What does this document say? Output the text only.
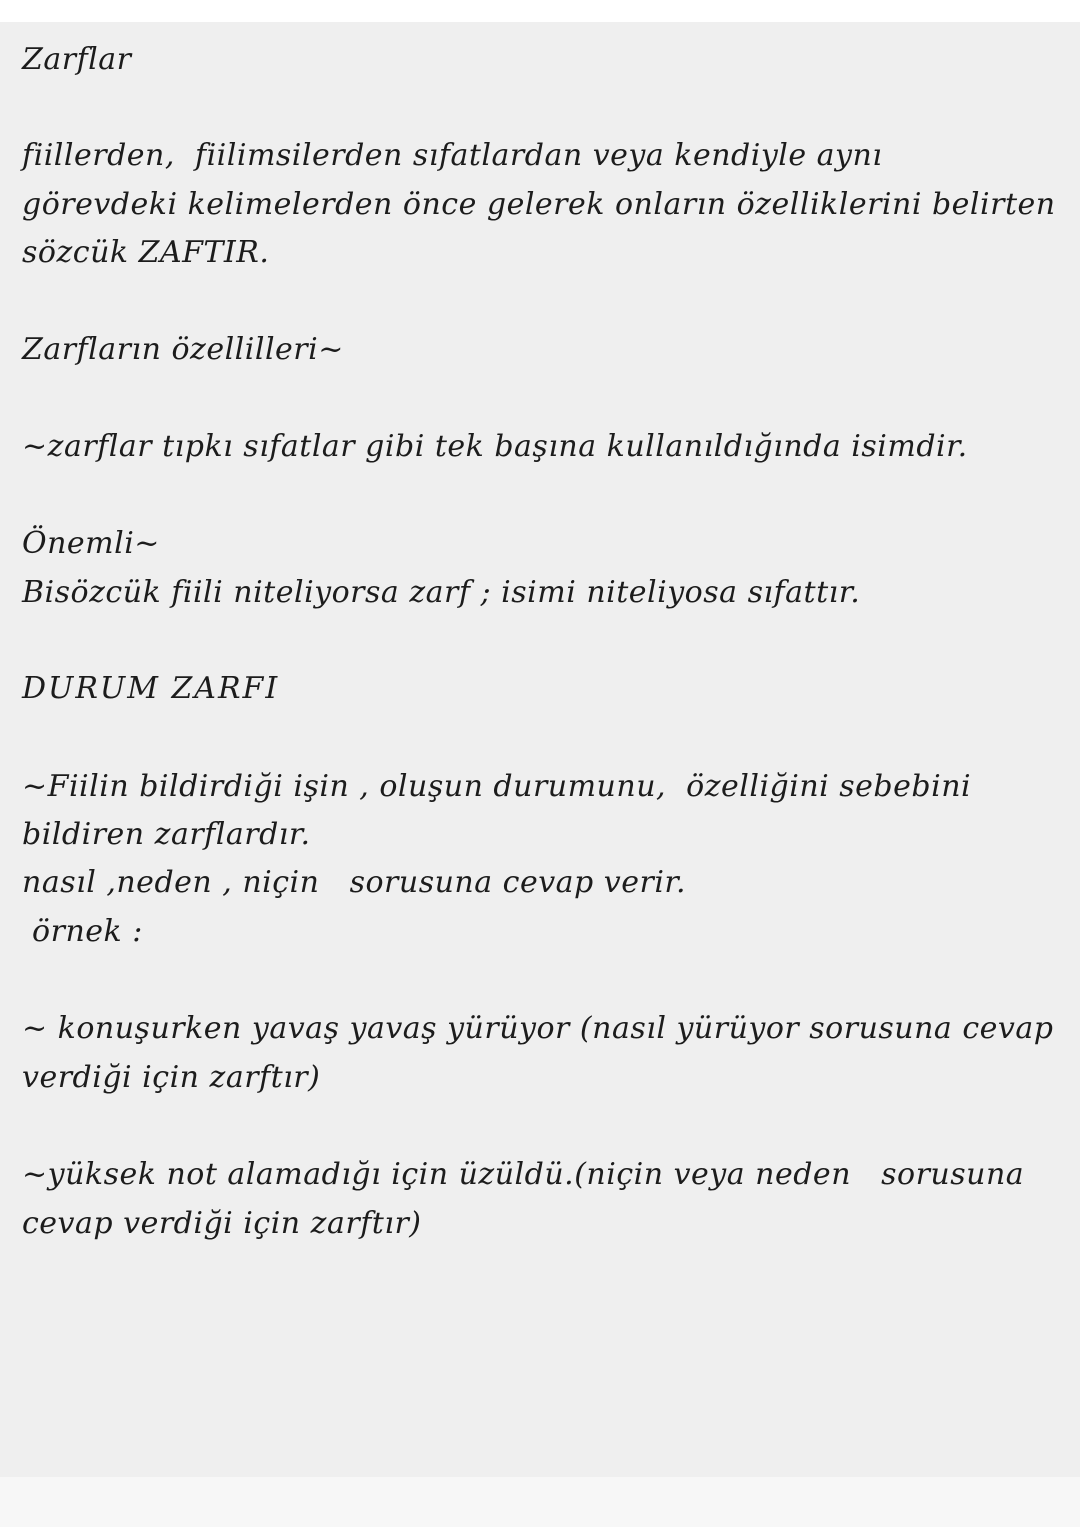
Zarflar

fiillerden,  fiilimsilerden sıfatlardan veya kendiyle aynı

görevdeki kelimelerden önce gelerek onların özelliklerini belirten

sözcük ZAFTIR.

Zarfların özellilleri~

~zarflar tıpkı sıfatlar gibi tek başına kullanıldığında isimdir.

Önemli~

Bisözcük fiili niteliyorsa zarf ; isimi niteliyosa sıfattır.

DURUM ZARFI

~Fiilin bildirdiği işin , oluşun durumunu,  özelliğini sebebini

bildiren zarflardır.

nasıl ,neden , niçin   sorusuna cevap verir.

örnek :

~ konuşurken yavaş yavaş yürüyor (nasıl yürüyor sorusuna cevap

verdiği için zarftır)

~yüksek not alamadığı için üzüldü.(niçin veya neden   sorusuna

cevap verdiği için zarftır)
